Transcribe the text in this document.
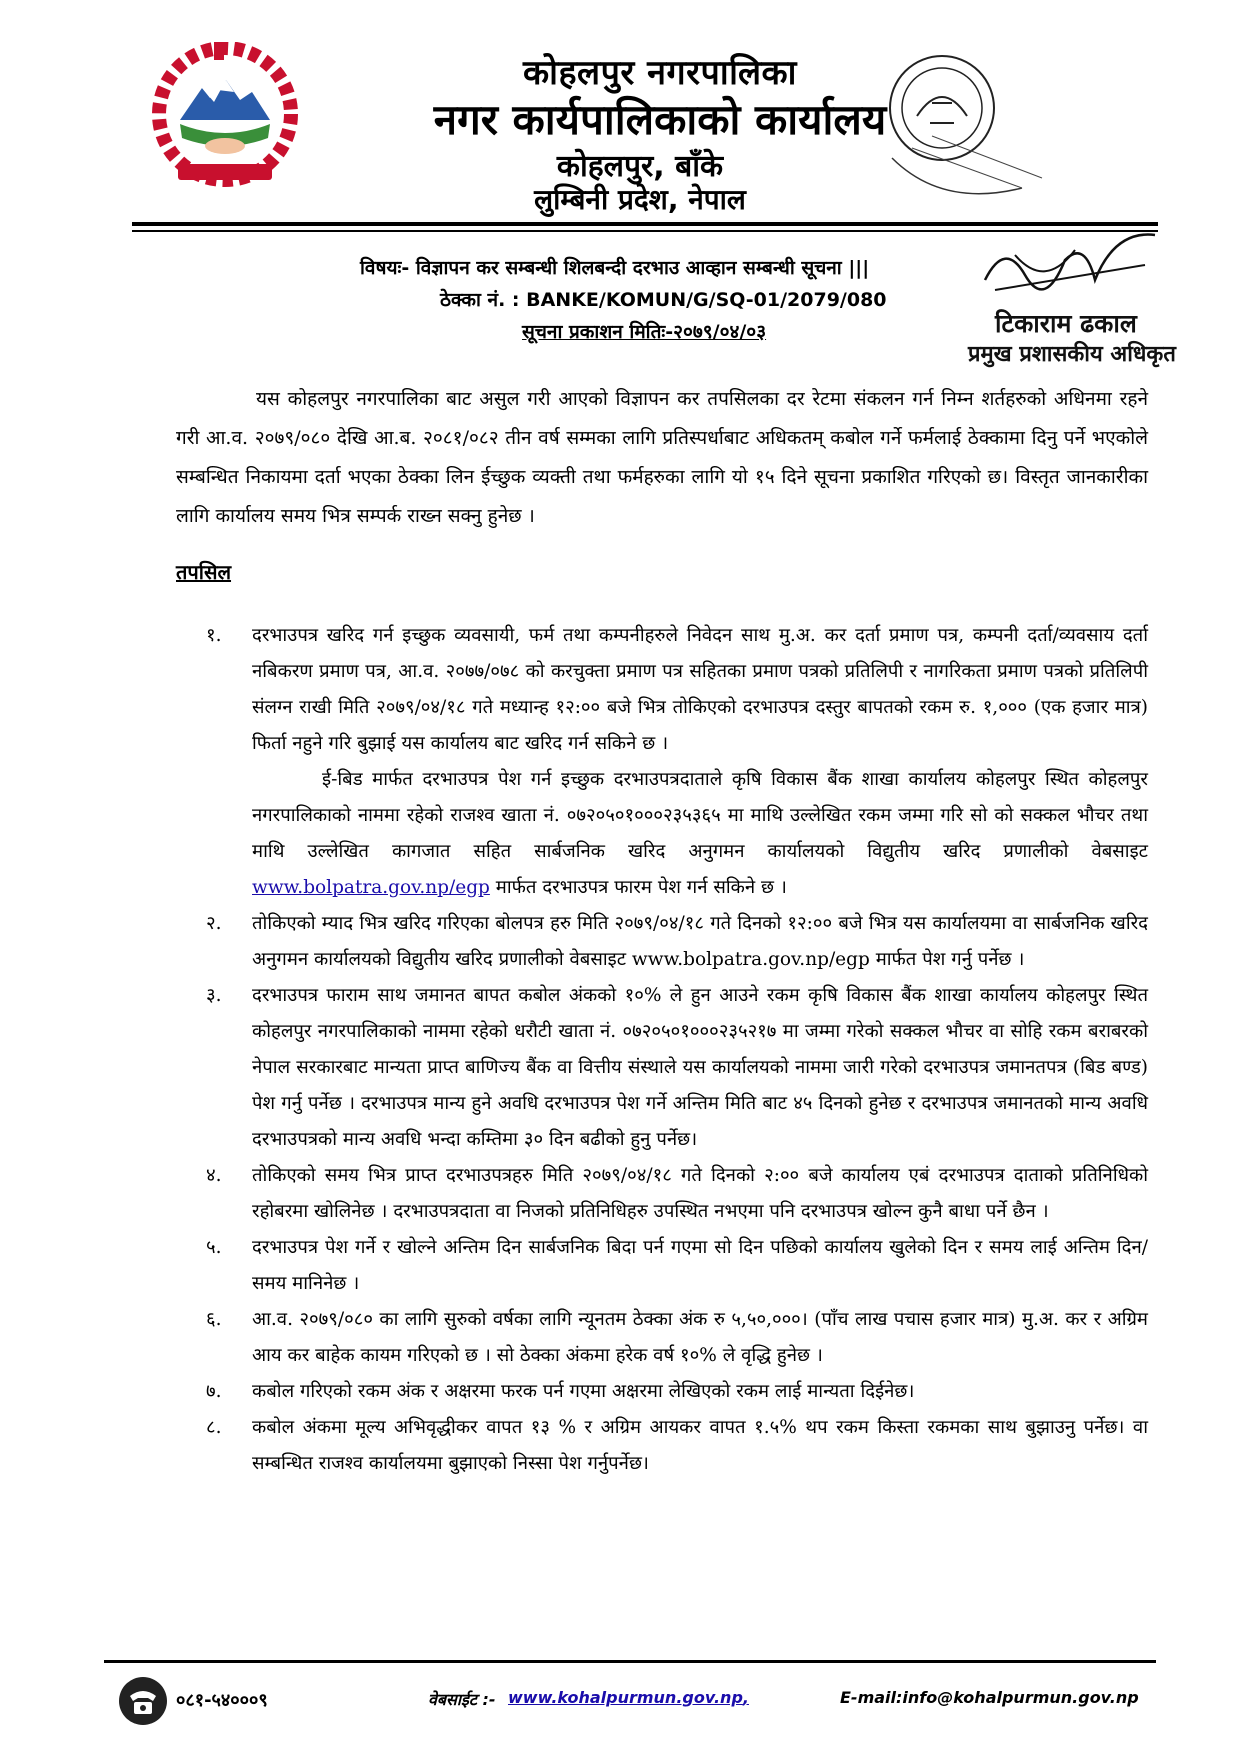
कोहलपुर नगरपालिका
नगर कार्यपालिकाको कार्यालय
कोहलपुर, बाँके
लुम्बिनी प्रदेश, नेपाल
विषयः- विज्ञापन कर सम्बन्धी शिलबन्दी दरभाउ आव्हान सम्बन्धी सूचना |||
ठेक्का नं. : BANKE/KOMUN/G/SQ-01/2079/080
सूचना प्रकाशन मितिः-२०७९/०४/०३	टिकाराम ढकाल
प्रमुख प्रशासकीय अधिकृत
यस कोहलपुर नगरपालिका बाट असुल गरी आएको विज्ञापन कर तपसिलका दर रेटमा संकलन गर्न निम्न शर्तहरुको अधिनमा रहने गरी आ.व. २०७९/०८० देखि आ.ब. २०८१/०८२ तीन वर्ष सम्मका लागि प्रतिस्पर्धाबाट अधिकतम् कबोल गर्ने फर्मलाई ठेक्कामा दिनु पर्ने भएकोले सम्बन्धित निकायमा दर्ता भएका ठेक्का लिन ईच्छुक व्यक्ती तथा फर्महरुका लागि यो १५ दिने सूचना प्रकाशित गरिएको छ। विस्तृत जानकारीका लागि कार्यालय समय भित्र सम्पर्क राख्न सक्नु हुनेछ ।
तपसिल
१.	दरभाउपत्र खरिद गर्न इच्छुक व्यवसायी, फर्म तथा कम्पनीहरुले निवेदन साथ मु.अ. कर दर्ता प्रमाण पत्र, कम्पनी दर्ता/व्यवसाय दर्ता नबिकरण प्रमाण पत्र, आ.व. २०७७/०७८ को करचुक्ता प्रमाण पत्र सहितका प्रमाण पत्रको प्रतिलिपी र नागरिकता प्रमाण पत्रको प्रतिलिपी संलग्न राखी मिति २०७९/०४/१८ गते मध्यान्ह १२:०० बजे भित्र तोकिएको दरभाउपत्र दस्तुर बापतको रकम रु. १,००० (एक हजार मात्र) फिर्ता नहुने गरि बुझाई यस कार्यालय बाट खरिद गर्न सकिने छ ।
ई-बिड मार्फत दरभाउपत्र पेश गर्न इच्छुक दरभाउपत्रदाताले कृषि विकास बैंक शाखा कार्यालय कोहलपुर स्थित कोहलपुर नगरपालिकाको नाममा रहेको राजश्व खाता नं. ०७२०५०१०००२३५३६५ मा माथि उल्लेखित रकम जम्मा गरि सो को सक्कल भौचर तथा माथि उल्लेखित कागजात सहित सार्बजनिक खरिद अनुगमन कार्यालयको विद्युतीय खरिद प्रणालीको वेबसाइट www.bolpatra.gov.np/egp मार्फत दरभाउपत्र फारम पेश गर्न सकिने छ ।
२.	तोकिएको म्याद भित्र खरिद गरिएका बोलपत्र हरु मिति २०७९/०४/१८ गते दिनको १२:०० बजे भित्र यस कार्यालयमा वा सार्बजनिक खरिद अनुगमन कार्यालयको विद्युतीय खरिद प्रणालीको वेबसाइट www.bolpatra.gov.np/egp मार्फत पेश गर्नु पर्नेछ ।
३.	दरभाउपत्र फाराम साथ जमानत बापत कबोल अंकको १०% ले हुन आउने रकम कृषि विकास बैंक शाखा कार्यालय कोहलपुर स्थित कोहलपुर नगरपालिकाको नाममा रहेको धरौटी खाता नं. ०७२०५०१०००२३५२१७ मा जम्मा गरेको सक्कल भौचर वा सोहि रकम बराबरको नेपाल सरकारबाट मान्यता प्राप्त बाणिज्य बैंक वा वित्तीय संस्थाले यस कार्यालयको नाममा जारी गरेको दरभाउपत्र जमानतपत्र (बिड बण्ड) पेश गर्नु पर्नेछ । दरभाउपत्र मान्य हुने अवधि दरभाउपत्र पेश गर्ने अन्तिम मिति बाट ४५ दिनको हुनेछ र दरभाउपत्र जमानतको मान्य अवधि दरभाउपत्रको मान्य अवधि भन्दा कम्तिमा ३० दिन बढीको हुनु पर्नेछ।
४.	तोकिएको समय भित्र प्राप्त दरभाउपत्रहरु मिति २०७९/०४/१८ गते दिनको २:०० बजे कार्यालय एबं दरभाउपत्र दाताको प्रतिनिधिको रहोबरमा खोलिनेछ । दरभाउपत्रदाता वा निजको प्रतिनिधिहरु उपस्थित नभएमा पनि दरभाउपत्र खोल्न कुनै बाधा पर्ने छैन ।
५.	दरभाउपत्र पेश गर्ने र खोल्ने अन्तिम दिन सार्बजनिक बिदा पर्न गएमा सो दिन पछिको कार्यालय खुलेको दिन र समय लाई अन्तिम दिन/समय मानिनेछ ।
६.	आ.व. २०७९/०८० का लागि सुरुको वर्षका लागि न्यूनतम ठेक्का अंक रु ५,५०,०००। (पाँच लाख पचास हजार मात्र) मु.अ. कर र अग्रिम आय कर बाहेक कायम गरिएको छ । सो ठेक्का अंकमा हरेक वर्ष १०% ले वृद्धि हुनेछ ।
७.	कबोल गरिएको रकम अंक र अक्षरमा फरक पर्न गएमा अक्षरमा लेखिएको रकम लाई मान्यता दिईनेछ।
८.	कबोल अंकमा मूल्य अभिवृद्धीकर वापत १३ % र अग्रिम आयकर वापत १.५% थप रकम किस्ता रकमका साथ बुझाउनु पर्नेछ। वा सम्बन्धित राजश्व कार्यालयमा बुझाएको निस्सा पेश गर्नुपर्नेछ।
०८१-५४०००९	वेबसाईट :- www.kohalpurmun.gov.np,	E-mail:info@kohalpurmun.gov.np
